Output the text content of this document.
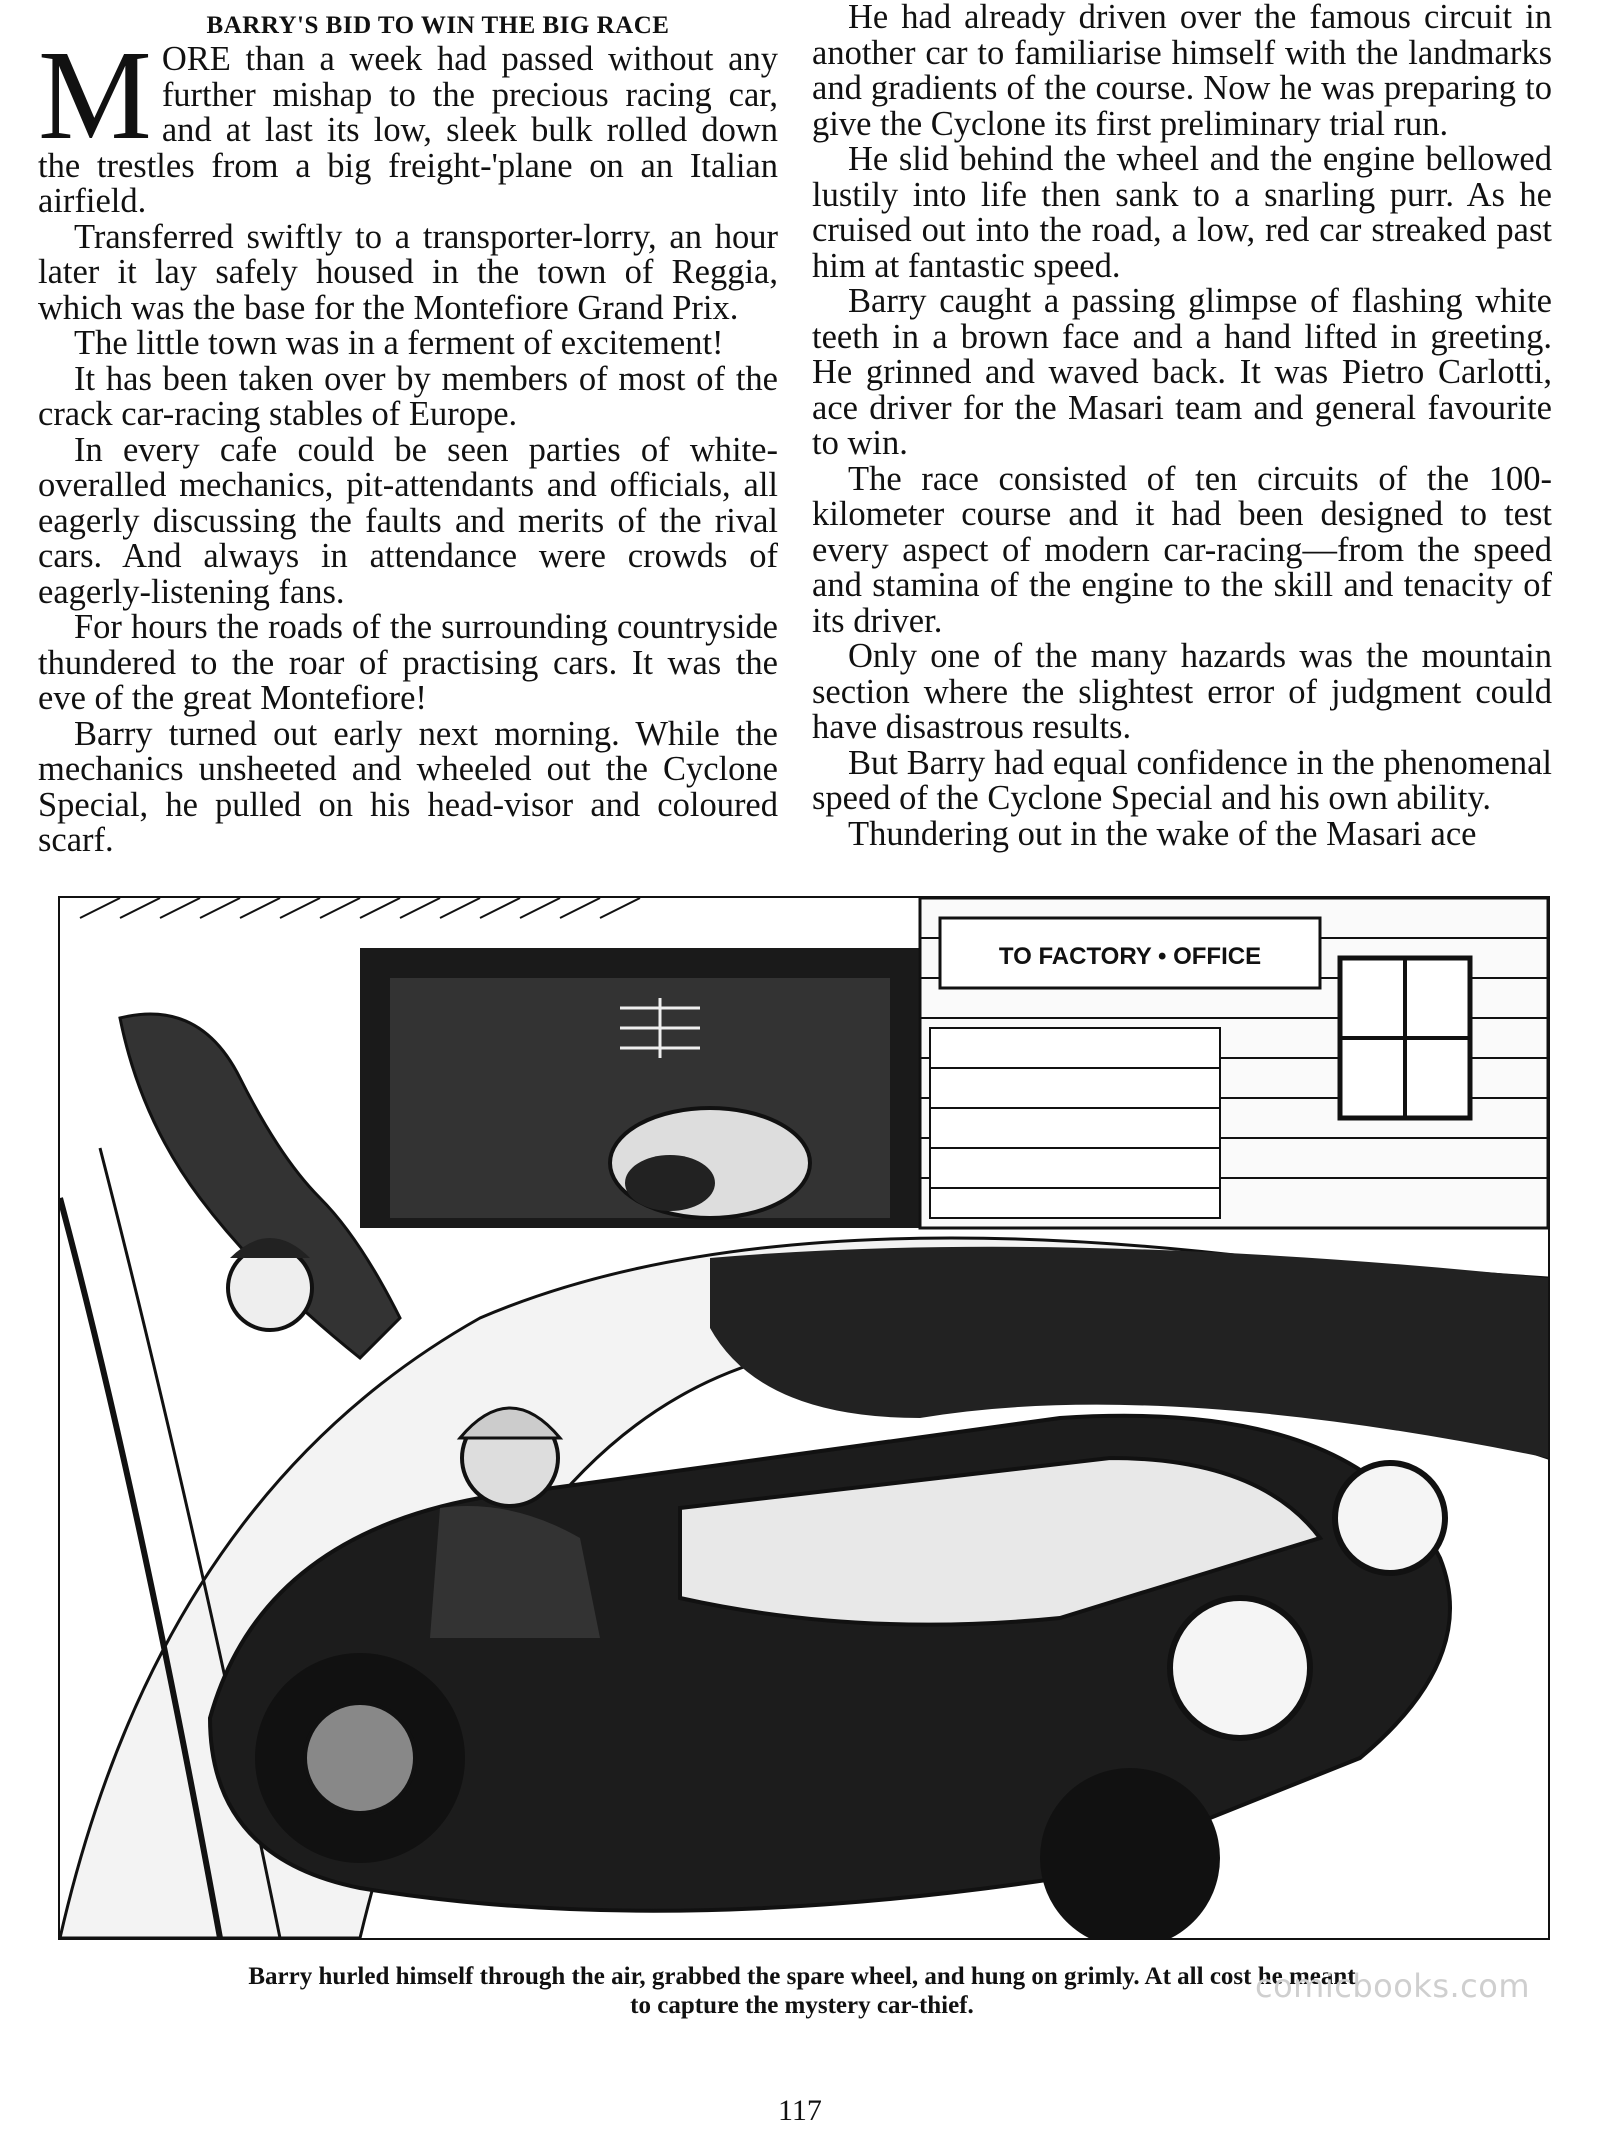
BARRY'S BID TO WIN THE BIG RACE

MORE than a week had passed without any further mishap to the precious racing car, and at last its low, sleek bulk rolled down the trestles from a big freight-'plane on an Italian airfield.

Transferred swiftly to a transporter-lorry, an hour later it lay safely housed in the town of Reggia, which was the base for the Montefiore Grand Prix.

The little town was in a ferment of excitement!

It has been taken over by members of most of the crack car-racing stables of Europe.

In every cafe could be seen parties of white-overalled mechanics, pit-attendants and officials, all eagerly discussing the faults and merits of the rival cars. And always in attendance were crowds of eagerly-listening fans.

For hours the roads of the surrounding countryside thundered to the roar of practising cars. It was the eve of the great Montefiore!

Barry turned out early next morning. While the mechanics unsheeted and wheeled out the Cyclone Special, he pulled on his head-visor and coloured scarf.

He had already driven over the famous circuit in another car to familiarise himself with the landmarks and gradients of the course. Now he was preparing to give the Cyclone its first preliminary trial run.

He slid behind the wheel and the engine bellowed lustily into life then sank to a snarling purr. As he cruised out into the road, a low, red car streaked past him at fantastic speed.

Barry caught a passing glimpse of flashing white teeth in a brown face and a hand lifted in greeting. He grinned and waved back. It was Pietro Carlotti, ace driver for the Masari team and general favourite to win.

The race consisted of ten circuits of the 100-kilometer course and it had been designed to test every aspect of modern car-racing—from the speed and stamina of the engine to the skill and tenacity of its driver.

Only one of the many hazards was the mountain section where the slightest error of judgment could have disastrous results.

But Barry had equal confidence in the phenomenal speed of the Cyclone Special and his own ability.

Thundering out in the wake of the Masari ace

TO FACTORY • OFFICE
Barry hurled himself through the air, grabbed the spare wheel, and hung on grimly. At all cost he meant
to capture the mystery car-thief.
comicbooks.com
117
